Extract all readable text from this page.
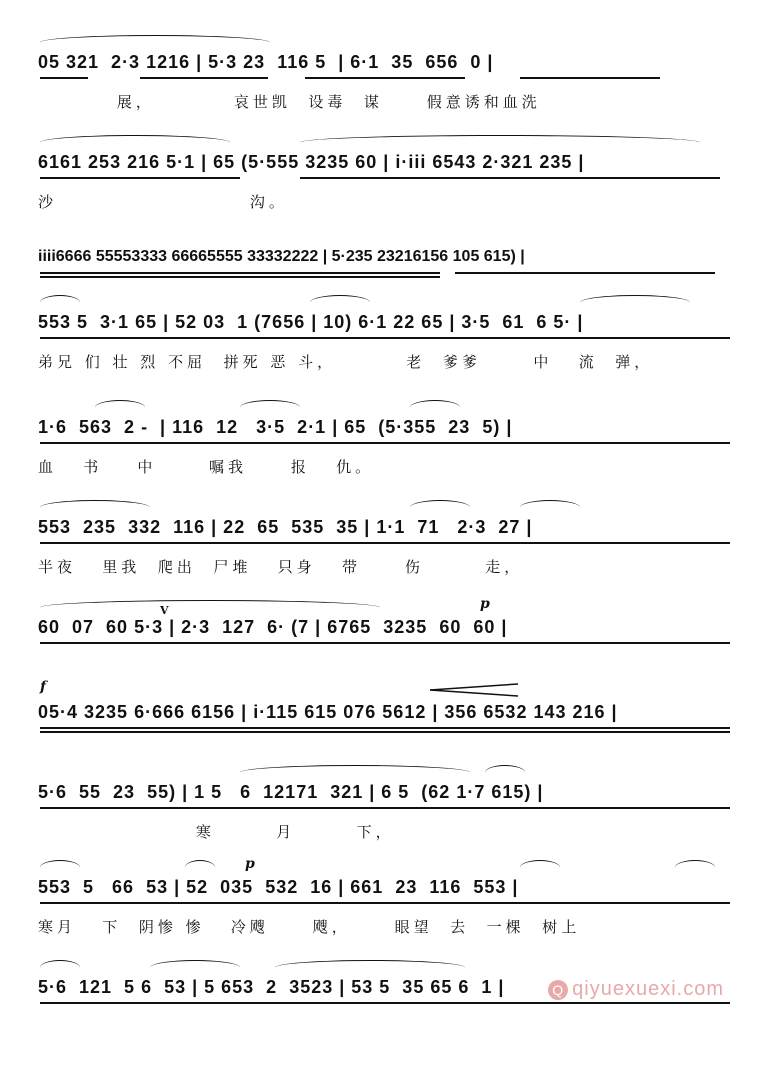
05 321  2·3 1216 | 5·3 23  116 5  | 6·1  35  656  0 |
展，         哀世凯  设毒  谋     假意诱和血洗
6161 253 216 5·1 | 65 (5·555 3235 60 | i·iii 6543 2·321 235 |
沙                      沟。
iiii6666 55553333 66665555 33332222 | 5·235 23216156 105 615) |
553 5  3·1 65 | 52 03  1 (7656 | 10) 6·1 22 65 | 3·5  61  6 5· |
弟兄 们 壮 烈 不屈  拼死 恶 斗，        老  爹爹      中   流  弹，
1·6  563  2 -  | 116  12   3·5  2·1 | 65  (5·355  23  5) |
血   书    中      嘱我     报   仇。
553  235  332  116 | 22  65  535  35 | 1·1  71   2·3  27 |
半夜   里我  爬出  尸堆   只身   带     伤       走，
p
V
60  07  60 5·3 | 2·3  127  6· (7 | 6765  3235  60  60 |
f
05·4 3235 6·666 6156 | i·115 615 076 5612 | 356 6532 143 216 |
5·6  55  23  55) | 1 5   6  12171  321 | 6 5  (62 1·7 615) |
寒       月       下，
p
553  5   66  53 | 52  035  532  16 | 661  23  116  553 |
寒月   下  阴惨 惨   冷飕     飕，     眼望  去  一棵  树上
5·6  121  5 6  53 | 5 653  2  3523 | 53 5  35 65 6  1 |	Q qiyuexuexi.com
